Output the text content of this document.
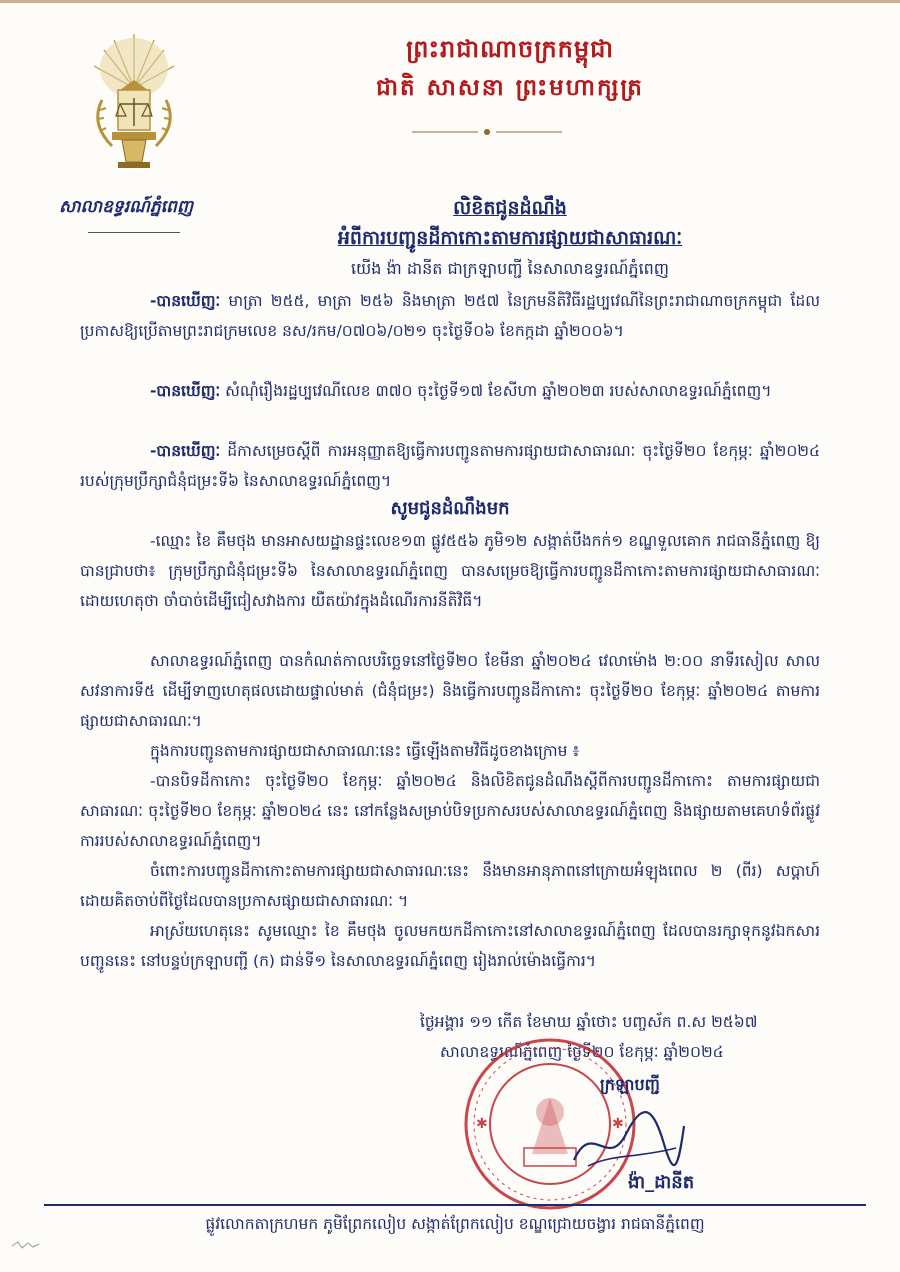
សាលាឧទ្ធរណ៍ភ្នំពេញ
ព្រះរាជាណាចក្រកម្ពុជា
ជាតិ សាសនា ព្រះមហាក្សត្រ
លិខិតជូនដំណឹង
អំពីការបញ្ជូនដីកាកោះតាមការផ្សាយជាសាធារណៈ
យើង ង៉ា ដានីត ជាក្រឡាបញ្ជី នៃសាលាឧទ្ធរណ៍ភ្នំពេញ
-បានឃើញៈ មាត្រា ២៥៥, មាត្រា ២៥៦ និងមាត្រា ២៥៧ នៃក្រមនីតិវិធីរដ្ឋប្បវេណីនៃព្រះរាជាណាចក្រកម្ពុជា ដែលប្រកាសឱ្យប្រើតាមព្រះរាជក្រមលេខ នស/រកម/០៧០៦/០២១ ចុះថ្ងៃទី០៦ ខែកក្កដា ឆ្នាំ២០០៦។
-បានឃើញៈ សំណុំរឿងរដ្ឋប្បវេណីលេខ ៣៧០ ចុះថ្ងៃទី១៧ ខែសីហា ឆ្នាំ២០២៣ របស់សាលាឧទ្ធរណ៍ភ្នំពេញ។
-បានឃើញៈ ដីកាសម្រេចស្តីពី ការអនុញ្ញាតឱ្យធ្វើការបញ្ជូនតាមការផ្សាយជាសាធារណៈ ចុះថ្ងៃទី២០ ខែកុម្ភៈ ឆ្នាំ២០២៤ របស់ក្រុមប្រឹក្សាជំនុំជម្រះទី៦ នៃសាលាឧទ្ធរណ៍ភ្នំពេញ។
សូមជូនដំណឹងមក
-ឈ្មោះ ខៃ គឹមថុង មានអាសយដ្ឋានផ្ទះលេខ១៣ ផ្លូវ៥៥៦ ភូមិ១២ សង្កាត់បឹងកក់១ ខណ្ឌទួលគោក រាជធានីភ្នំពេញ ឱ្យបានជ្រាបថា៖ ក្រុមប្រឹក្សាជំនុំជម្រះទី៦ នៃសាលាឧទ្ធរណ៍ភ្នំពេញ បានសម្រេចឱ្យធ្វើការបញ្ជូនដីកាកោះតាមការផ្សាយជាសាធារណៈ ដោយហេតុថា ចាំបាច់ដើម្បីជៀសវាងការ យឺតយ៉ាវក្នុងដំណើរការនីតិវិធី។
សាលាឧទ្ធរណ៍ភ្នំពេញ បានកំណត់កាលបរិច្ឆេទនៅថ្ងៃទី២០ ខែមីនា ឆ្នាំ២០២៤ វេលាម៉ោង ២:០០ នាទីរសៀល សាលសវនាការទី៥ ដើម្បីទាញហេតុផលដោយផ្ទាល់មាត់ (ជំនុំជម្រះ) និងធ្វើការបញ្ជូនដីកាកោះ ចុះថ្ងៃទី២០ ខែកុម្ភៈ ឆ្នាំ២០២៤ តាមការផ្សាយជាសាធារណៈ។
ក្នុងការបញ្ជូនតាមការផ្សាយជាសាធារណៈនេះ ធ្វើឡើងតាមវិធីដូចខាងក្រោម ៖
-បានបិទដីកាកោះ ចុះថ្ងៃទី២០ ខែកុម្ភៈ ឆ្នាំ២០២៤ និងលិខិតជូនដំណឹងស្តីពីការបញ្ជូនដីកាកោះ តាមការផ្សាយជាសាធារណៈ ចុះថ្ងៃទី២០ ខែកុម្ភៈ ឆ្នាំ២០២៤ នេះ នៅកន្លែងសម្រាប់បិទប្រកាសរបស់សាលាឧទ្ធរណ៍ភ្នំពេញ និងផ្សាយតាមគេហទំព័រផ្លូវការរបស់សាលាឧទ្ធរណ៍ភ្នំពេញ។
ចំពោះការបញ្ជូនដីកាកោះតាមការផ្សាយជាសាធារណៈនេះ នឹងមានអានុភាពនៅក្រោយអំឡុងពេល ២ (ពីរ) សប្តាហ៍ ដោយគិតចាប់ពីថ្ងៃដែលបានប្រកាសផ្សាយជាសាធារណៈ ។
អាស្រ័យហេតុនេះ សូមឈ្មោះ ខៃ គឹមថុង ចូលមកយកដីកាកោះនៅសាលាឧទ្ធរណ៍ភ្នំពេញ ដែលបានរក្សាទុកនូវឯកសារបញ្ជូននេះ នៅបន្ទប់ក្រឡាបញ្ជី (ក) ជាន់ទី១ នៃសាលាឧទ្ធរណ៍ភ្នំពេញ រៀងរាល់ម៉ោងធ្វើការ។
ថ្ងៃអង្គារ ១១ កើត ខែមាឃ ឆ្នាំថោះ បញ្ចស័ក ព.ស ២៥៦៧
សាលាឧទ្ធរណ៍ភ្នំពេញ ថ្ងៃទី២០ ខែកុម្ភៈ ឆ្នាំ២០២៤
✱	✱
ក្រឡាបញ្ជី
ង៉ា_ដានីត
ផ្លូវលោកតាក្រហមក ភូមិព្រែកលៀប សង្កាត់ព្រែកលៀប ខណ្ឌជ្រោយចង្វារ រាជធានីភ្នំពេញ
